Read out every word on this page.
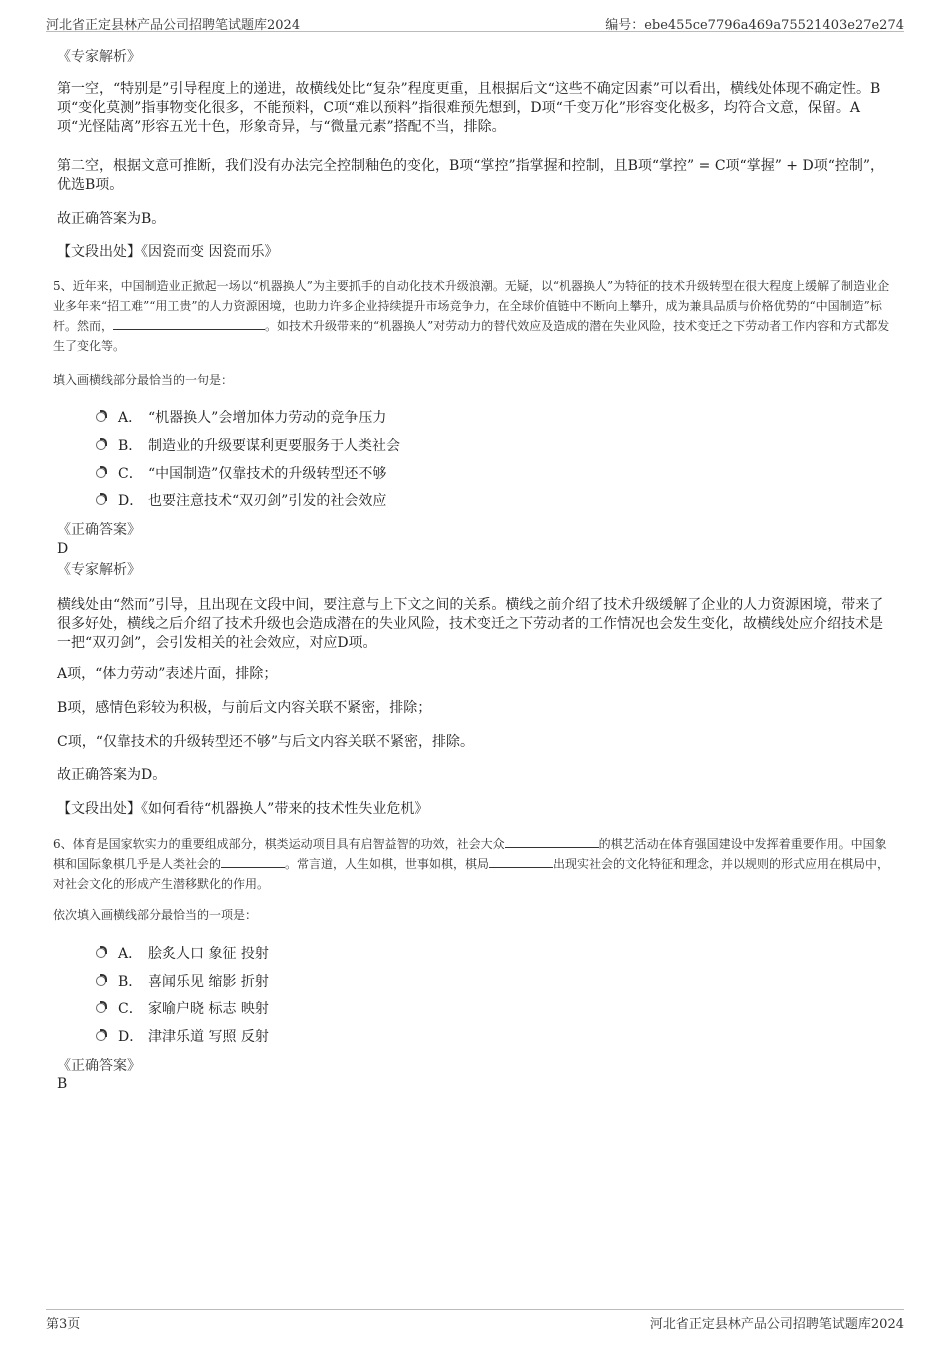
河北省正定县林产品公司招聘笔试题库2024	编号：ebe455ce7796a469a75521403e27e274
《专家解析》
第一空，“特别是”引导程度上的递进，故横线处比“复杂”程度更重，且根据后文“这些不确定因素”可以看出，横线处体现不确定性。B项“变化莫测”指事物变化很多，不能预料，C项“难以预料”指很难预先想到，D项“千变万化”形容变化极多，均符合文意，保留。A项“光怪陆离”形容五光十色，形象奇异，与“微量元素”搭配不当，排除。
第二空，根据文意可推断，我们没有办法完全控制釉色的变化，B项“掌控”指掌握和控制，且B项“掌控” = C项“掌握” + D项“控制”，优选B项。
故正确答案为B。
【文段出处】《因瓷而变 因瓷而乐》
5、近年来，中国制造业正掀起一场以“机器换人”为主要抓手的自动化技术升级浪潮。无疑，以“机器换人”为特征的技术升级转型在很大程度上缓解了制造业企业多年来“招工难”“用工贵”的人力资源困境，也助力许多企业持续提升市场竞争力，在全球价值链中不断向上攀升，成为兼具品质与价格优势的“中国制造”标杆。然而，	。如技术升级带来的“机器换人”对劳动力的替代效应及造成的潜在失业风险，技术变迁之下劳动者工作内容和方式都发生了变化等。
填入画横线部分最恰当的一句是：
A． “机器换人”会增加体力劳动的竞争压力
B． 制造业的升级要谋利更要服务于人类社会
C． “中国制造”仅靠技术的升级转型还不够
D． 也要注意技术“双刃剑”引发的社会效应
《正确答案》
D
《专家解析》
横线处由“然而”引导，且出现在文段中间，要注意与上下文之间的关系。横线之前介绍了技术升级缓解了企业的人力资源困境，带来了很多好处，横线之后介绍了技术升级也会造成潜在的失业风险，技术变迁之下劳动者的工作情况也会发生变化，故横线处应介绍技术是一把“双刃剑”，会引发相关的社会效应，对应D项。
A项，“体力劳动”表述片面，排除；
B项，感情色彩较为积极，与前后文内容关联不紧密，排除；
C项，“仅靠技术的升级转型还不够”与后文内容关联不紧密，排除。
故正确答案为D。
【文段出处】《如何看待“机器换人”带来的技术性失业危机》
6、体育是国家软实力的重要组成部分，棋类运动项目具有启智益智的功效，社会大众	的棋艺活动在体育强国建设中发挥着重要作用。中国象棋和国际象棋几乎是人类社会的	。常言道，人生如棋，世事如棋，棋局	出现实社会的文化特征和理念，并以规则的形式应用在棋局中，对社会文化的形成产生潜移默化的作用。
依次填入画横线部分最恰当的一项是：
A． 脍炙人口 象征 投射
B． 喜闻乐见 缩影 折射
C． 家喻户晓 标志 映射
D． 津津乐道 写照 反射
《正确答案》
B
第3页	河北省正定县林产品公司招聘笔试题库2024
